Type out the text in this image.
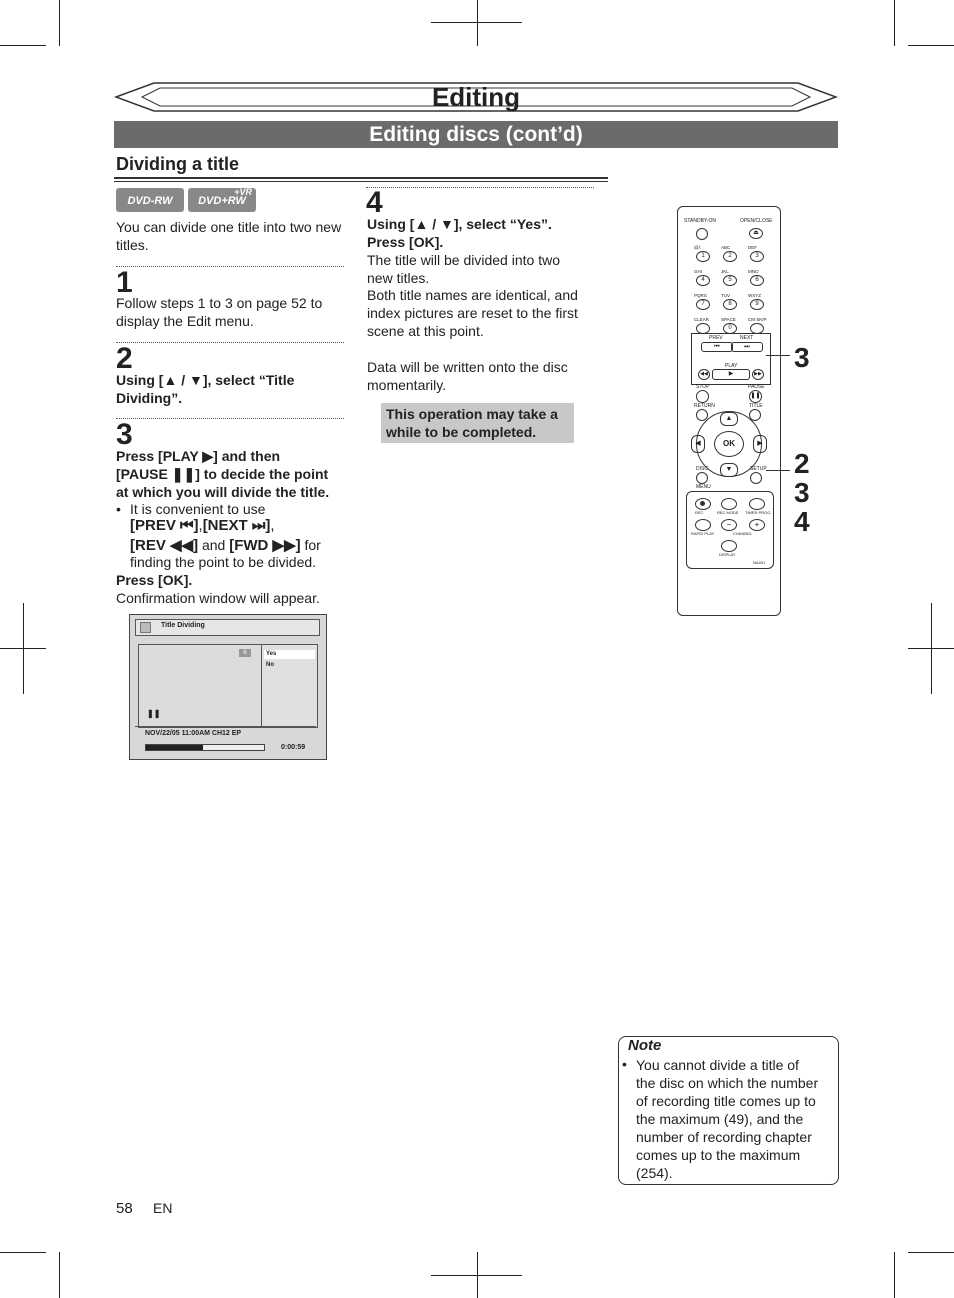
Editing
Editing discs (cont’d)
Dividing a title
DVD-RW
+VR
DVD+RW
You can divide one title into two new titles.
1
Follow steps 1 to 3 on page 52 to display the Edit menu.
2
Using [▲ / ▼], select “Title Dividing”.
3
Press [PLAY ▶] and then
[PAUSE ❚❚] to decide the point
at which you will divide the title.
• It is convenient to use
[PREV ⏮],[NEXT ⏭],
[REV ◀◀] and [FWD ▶▶] for
finding the point to be divided.
Press [OK].
Confirmation window will appear.
Title Dividing
6
❚❚
Yes
No
NOV/22/05 11:00AM CH12 EP
0:00:59
4
Using [▲ / ▼], select “Yes”.
Press [OK].
The title will be divided into two
new titles.
Both title names are identical, and
index pictures are reset to the first
scene at this point.
Data will be written onto the disc
momentarily.
This operation may take a
while to be completed.
STANDBY-ON	OPEN/CLOSE
⏏
@/:
1
ABC
2
DEF
3
GHI
4
JKL
5
MNO
6
PQRS
7
TUV
8
WXYZ
9
CLEAR	SPACE
0
CM SKIP
PREV	NEXT
⏮	⏭
PLAY
◀◀	▶	▶▶
STOP	PAUSE
❚❚
RETURN	TITLE
▲
▼
◀	▶
OK
DISC	SETUP
MENU
REC	REC MODE TIMER PROG.
−	+
RAPID PLAY	CHANNEL
DISPLAY
NA401
3
2
3
4
Note
• You cannot divide a title of
the disc on which the number
of recording title comes up to
the maximum (49), and the
number of recording chapter
comes up to the maximum
(254).
58 EN
